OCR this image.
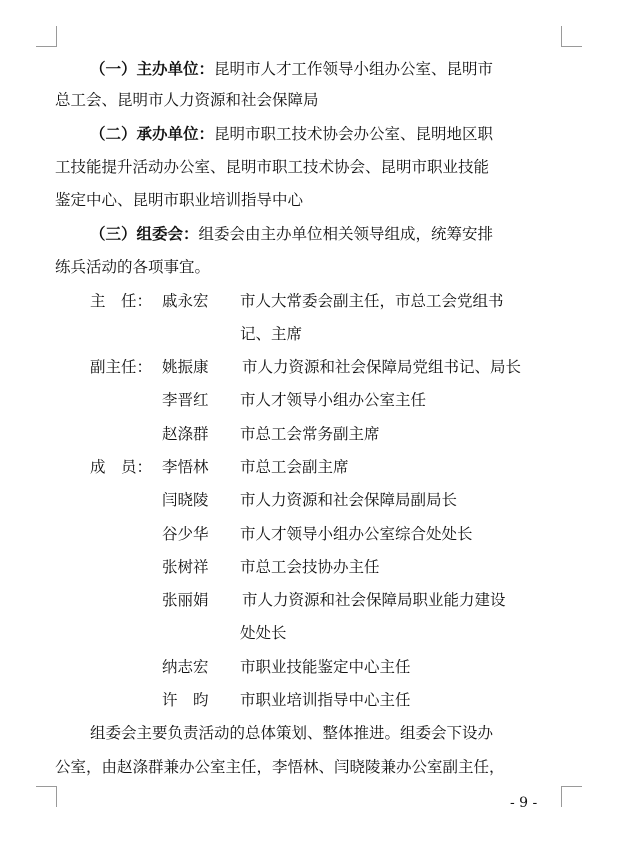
（一）主办单位：昆明市人才工作领导小组办公室、昆明市
总工会、昆明市人力资源和社会保障局
（二）承办单位：昆明市职工技术协会办公室、昆明地区职
工技能提升活动办公室、昆明市职工技术协会、昆明市职业技能
鉴定中心、昆明市职业培训指导中心
（三）组委会：组委会由主办单位相关领导组成，统筹安排
练兵活动的各项事宜。
主　任： 戚永宏 市人大常委会副主任，市总工会党组书
记、主席
副主任： 姚振康 市人力资源和社会保障局党组书记、局长
李晋红 市人才领导小组办公室主任
赵涤群 市总工会常务副主席
成　员： 李悟林 市总工会副主席
闫晓陵 市人力资源和社会保障局副局长
谷少华 市人才领导小组办公室综合处处长
张树祥 市总工会技协办主任
张丽娟 市人力资源和社会保障局职业能力建设
处处长
纳志宏 市职业技能鉴定中心主任
许　昀 市职业培训指导中心主任
组委会主要负责活动的总体策划、整体推进。组委会下设办
公室，由赵涤群兼办公室主任，李悟林、闫晓陵兼办公室副主任，
- 9 -
